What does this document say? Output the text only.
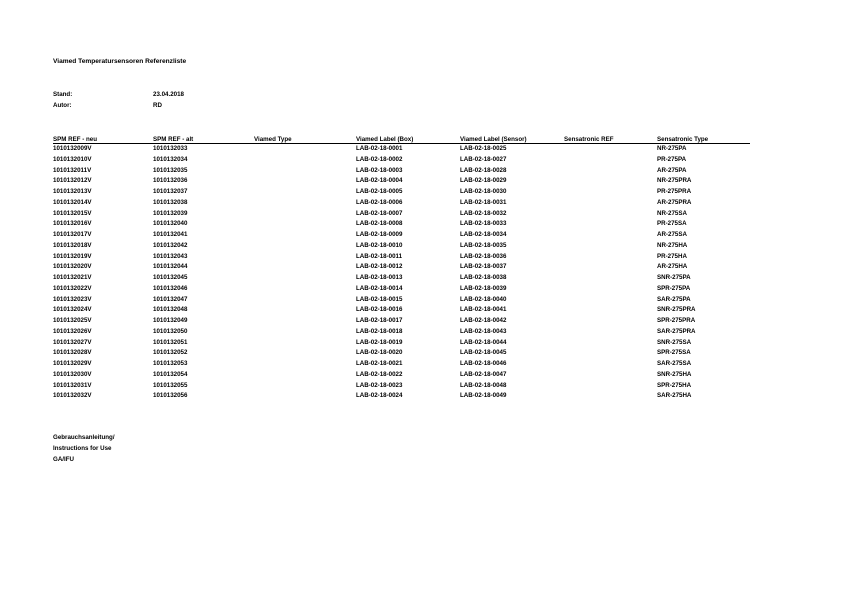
Viamed Temperatursensoren Referenzliste
Stand:	23.04.2018
Autor:	RD
SPM REF - neu	SPM REF - alt	Viamed Type	Viamed Label (Box)	Viamed Label (Sensor)	Sensatronic REF	Sensatronic Type
1010132009V	1010132033		LAB-02-18-0001	LAB-02-18-0025		NR-275PA
1010132010V	1010132034		LAB-02-18-0002	LAB-02-18-0027		PR-275PA
1010132011V	1010132035		LAB-02-18-0003	LAB-02-18-0028		AR-275PA
1010132012V	1010132036		LAB-02-18-0004	LAB-02-18-0029		NR-275PRA
1010132013V	1010132037		LAB-02-18-0005	LAB-02-18-0030		PR-275PRA
1010132014V	1010132038		LAB-02-18-0006	LAB-02-18-0031		AR-275PRA
1010132015V	1010132039		LAB-02-18-0007	LAB-02-18-0032		NR-275SA
1010132016V	1010132040		LAB-02-18-0008	LAB-02-18-0033		PR-275SA
1010132017V	1010132041		LAB-02-18-0009	LAB-02-18-0034		AR-275SA
1010132018V	1010132042		LAB-02-18-0010	LAB-02-18-0035		NR-275HA
1010132019V	1010132043		LAB-02-18-0011	LAB-02-18-0036		PR-275HA
1010132020V	1010132044		LAB-02-18-0012	LAB-02-18-0037		AR-275HA
1010132021V	1010132045		LAB-02-18-0013	LAB-02-18-0038		SNR-275PA
1010132022V	1010132046		LAB-02-18-0014	LAB-02-18-0039		SPR-275PA
1010132023V	1010132047		LAB-02-18-0015	LAB-02-18-0040		SAR-275PA
1010132024V	1010132048		LAB-02-18-0016	LAB-02-18-0041		SNR-275PRA
1010132025V	1010132049		LAB-02-18-0017	LAB-02-18-0042		SPR-275PRA
1010132026V	1010132050		LAB-02-18-0018	LAB-02-18-0043		SAR-275PRA
1010132027V	1010132051		LAB-02-18-0019	LAB-02-18-0044		SNR-275SA
1010132028V	1010132052		LAB-02-18-0020	LAB-02-18-0045		SPR-275SA
1010132029V	1010132053		LAB-02-18-0021	LAB-02-18-0046		SAR-275SA
1010132030V	1010132054		LAB-02-18-0022	LAB-02-18-0047		SNR-275HA
1010132031V	1010132055		LAB-02-18-0023	LAB-02-18-0048		SPR-275HA
1010132032V	1010132056		LAB-02-18-0024	LAB-02-18-0049		SAR-275HA
Gebrauchsanleitung/
Instructions for Use
GA/IFU
